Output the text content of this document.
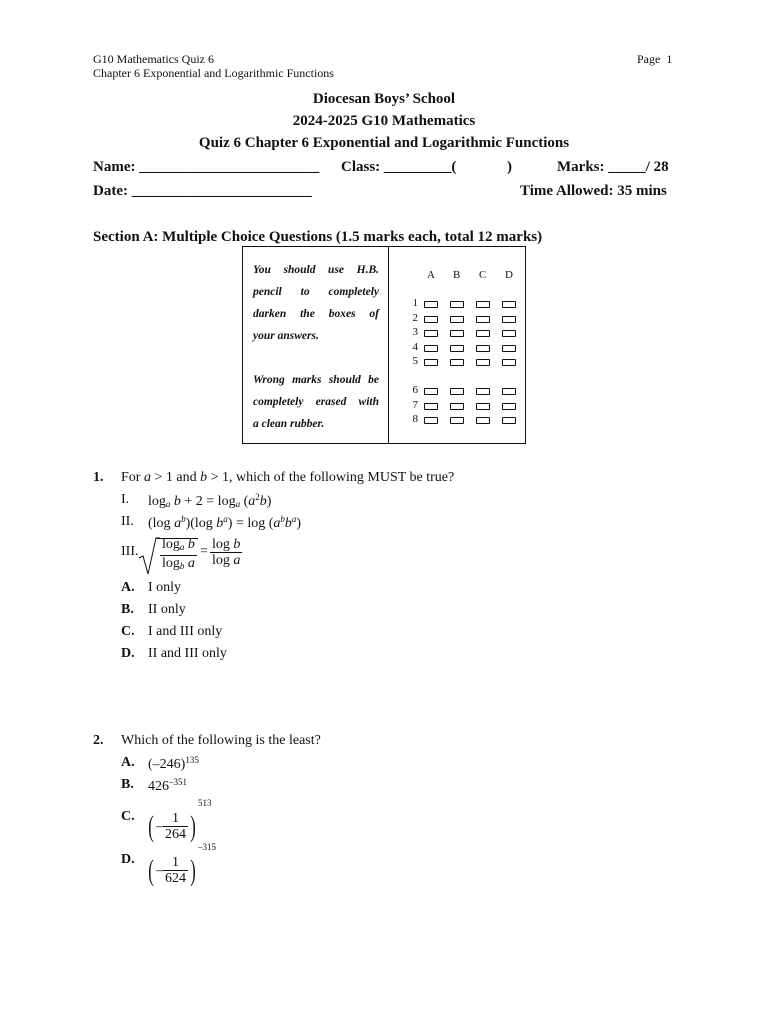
G10 Mathematics Quiz 6
Chapter 6 Exponential and Logarithmic Functions
Page 1
Diocesan Boys’ School
2024-2025 G10 Mathematics
Quiz 6 Chapter 6 Exponential and Logarithmic Functions
Name: ________________________ Class: _________(	)	Marks: _____/ 28
Date: ________________________	Time Allowed: 35 mins
Section A: Multiple Choice Questions (1.5 marks each, total 12 marks)
You should use H.B.
pencil to completely
darken the boxes of
your answers.
Wrong marks should be
completely erased with
a clean rubber.
A B C D
1
2
3
4
5
6
7
8
1. For a > 1 and b > 1, which of the following MUST be true?
I. $\log_a b + 2 = \log_a (a^2b)$
II. (log $a^b)(\log$ $b^a) = \log (a^bb^a)$
III. $\frac{\log_a b}{\log_b a} = \frac{\text{log b}}{\text{log a}}$
A. I only
B. II only
C. I and III only
D. II and III only
2. Which of the following is the least?
A. $(-246)^{135}$
B. $426^{-351}$
C. ( – $\frac{1}{264} )^{513}$
D. ( – $\frac{1}{624} )^{-315}$
